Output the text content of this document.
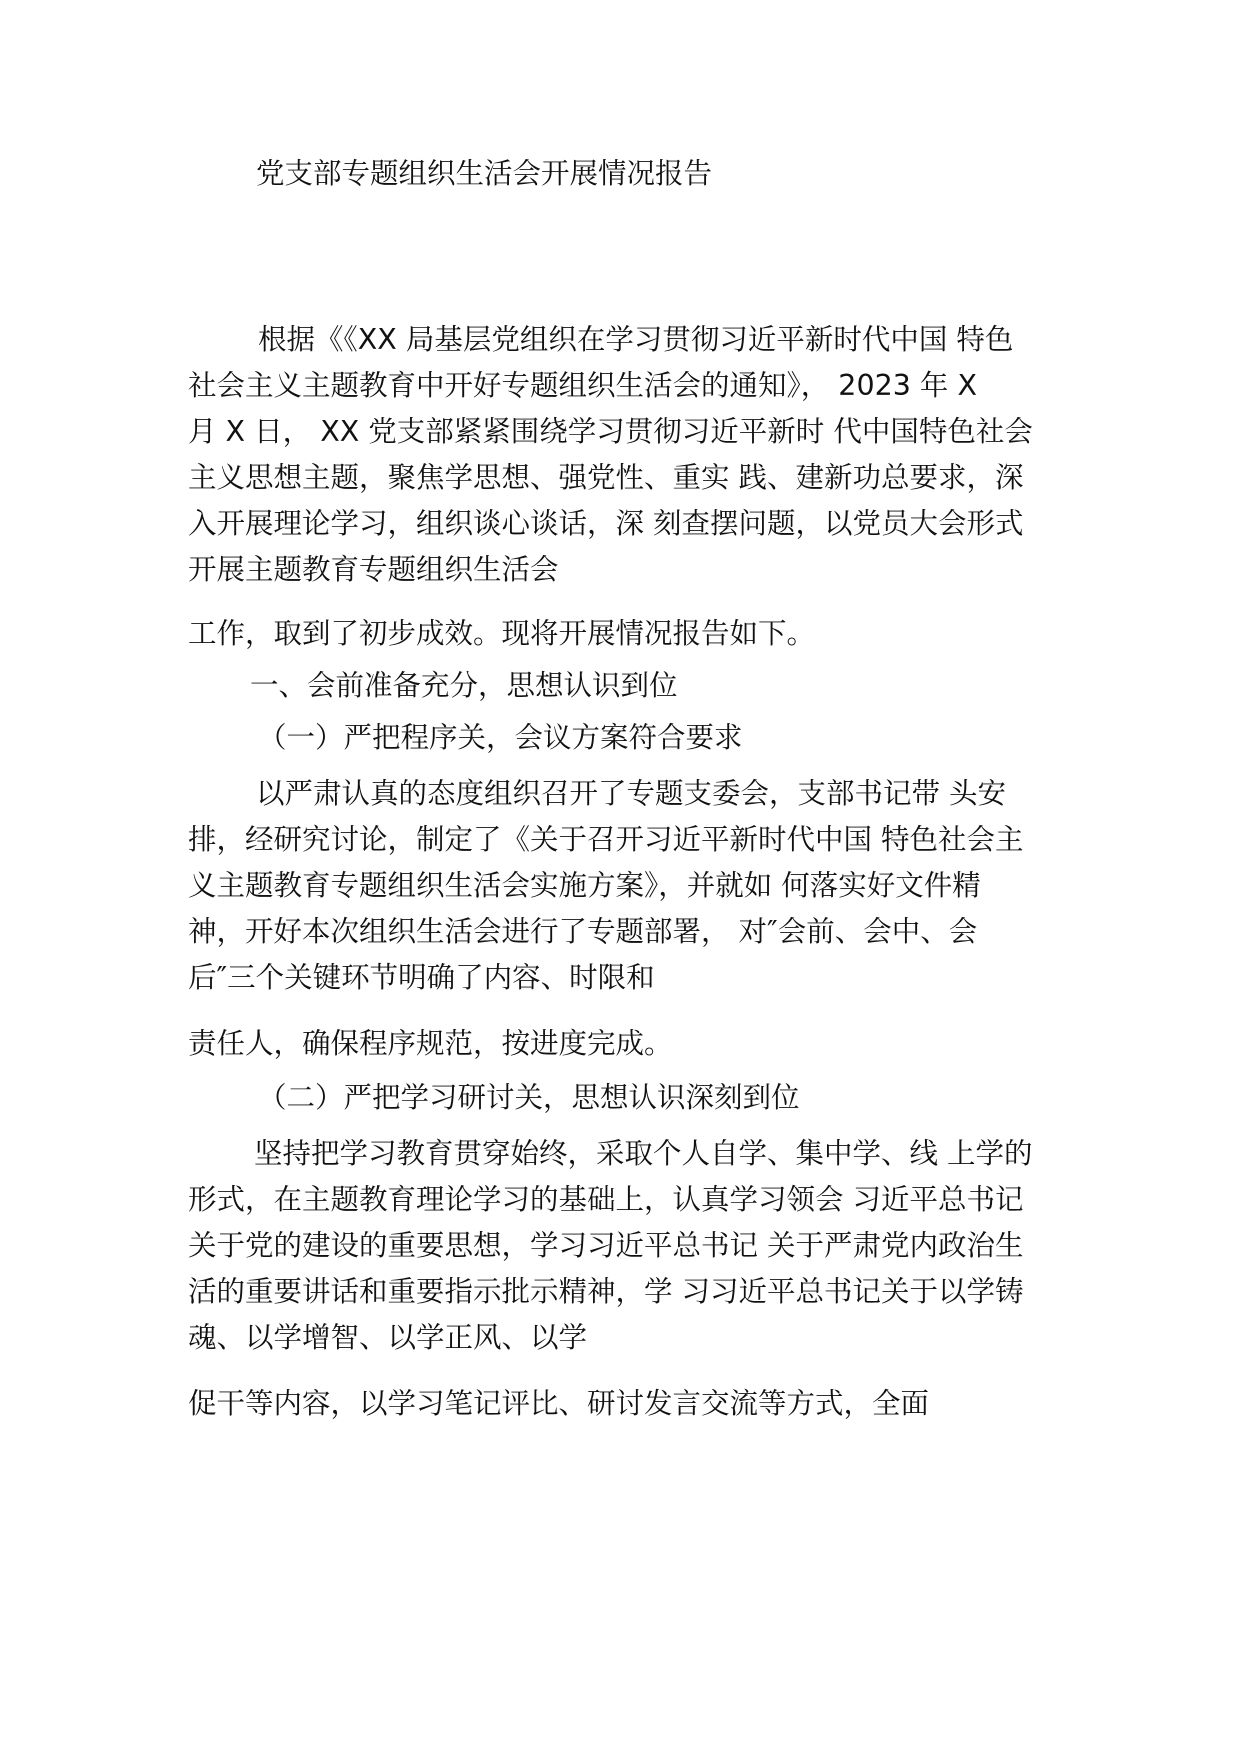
党支部专题组织生活会开展情况报告
根据《《XX 局基层党组织在学习贯彻习近平新时代中国 特色
社会主义主题教育中开好专题组织生活会的通知》， 2023 年 X
月 X 日， XX 党支部紧紧围绕学习贯彻习近平新时 代中国特色社会
主义思想主题，聚焦学思想、强党性、重实 践、建新功总要求，深
入开展理论学习，组织谈心谈话，深 刻查摆问题，以党员大会形式
开展主题教育专题组织生活会
工作，取到了初步成效。现将开展情况报告如下。
一、会前准备充分，思想认识到位
（一）严把程序关，会议方案符合要求
以严肃认真的态度组织召开了专题支委会，支部书记带 头安
排，经研究讨论，制定了《关于召开习近平新时代中国 特色社会主
义主题教育专题组织生活会实施方案》，并就如 何落实好文件精
神，开好本次组织生活会进行了专题部署， 对″会前、会中、会
后″三个关键环节明确了内容、时限和
责任人，确保程序规范，按进度完成。
（二）严把学习研讨关，思想认识深刻到位
坚持把学习教育贯穿始终，采取个人自学、集中学、线 上学的
形式，在主题教育理论学习的基础上，认真学习领会 习近平总书记
关于党的建设的重要思想，学习习近平总书记 关于严肃党内政治生
活的重要讲话和重要指示批示精神，学 习习近平总书记关于以学铸
魂、以学增智、以学正风、以学
促干等内容，以学习笔记评比、研讨发言交流等方式，全面
